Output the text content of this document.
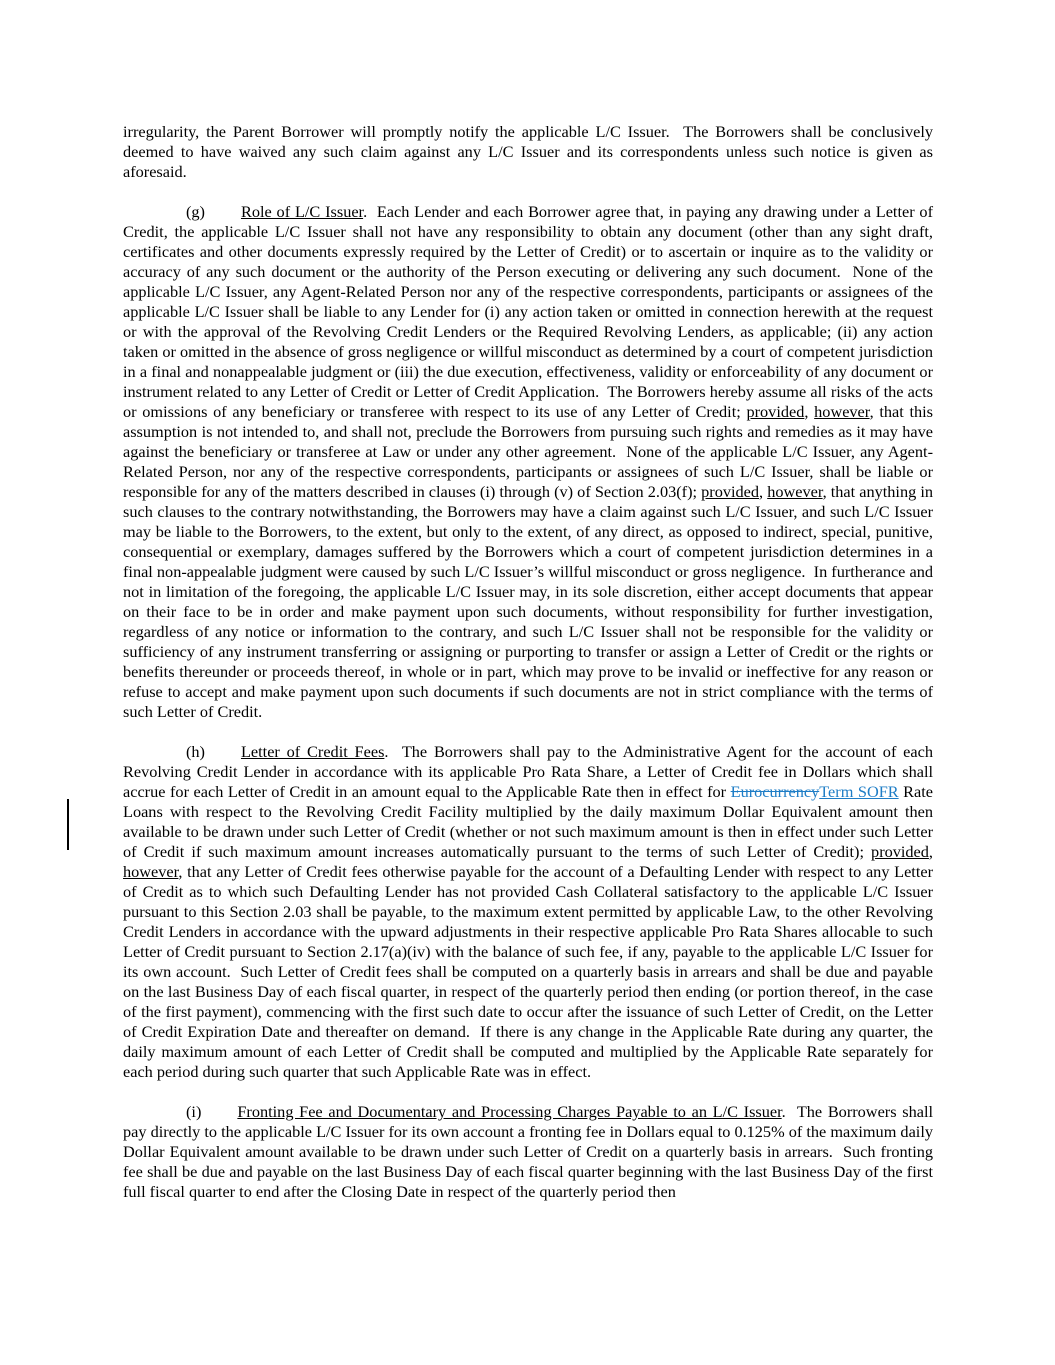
irregularity, the Parent Borrower will promptly notify the applicable L/C Issuer.  The Borrowers shall be conclusively deemed to have waived any such claim against any L/C Issuer and its correspondents unless such notice is given as aforesaid.
(g) Role of L/C Issuer.  Each Lender and each Borrower agree that, in paying any drawing under a Letter of Credit, the applicable L/C Issuer shall not have any responsibility to obtain any document (other than any sight draft, certificates and other documents expressly required by the Letter of Credit) or to ascertain or inquire as to the validity or accuracy of any such document or the authority of the Person executing or delivering any such document.  None of the applicable L/C Issuer, any Agent-Related Person nor any of the respective correspondents, participants or assignees of the applicable L/C Issuer shall be liable to any Lender for (i) any action taken or omitted in connection herewith at the request or with the approval of the Revolving Credit Lenders or the Required Revolving Lenders, as applicable; (ii) any action taken or omitted in the absence of gross negligence or willful misconduct as determined by a court of competent jurisdiction in a final and nonappealable judgment or (iii) the due execution, effectiveness, validity or enforceability of any document or instrument related to any Letter of Credit or Letter of Credit Application.  The Borrowers hereby assume all risks of the acts or omissions of any beneficiary or transferee with respect to its use of any Letter of Credit; provided, however, that this assumption is not intended to, and shall not, preclude the Borrowers from pursuing such rights and remedies as it may have against the beneficiary or transferee at Law or under any other agreement.  None of the applicable L/C Issuer, any Agent-Related Person, nor any of the respective correspondents, participants or assignees of such L/C Issuer, shall be liable or responsible for any of the matters described in clauses (i) through (v) of Section 2.03(f); provided, however, that anything in such clauses to the contrary notwithstanding, the Borrowers may have a claim against such L/C Issuer, and such L/C Issuer may be liable to the Borrowers, to the extent, but only to the extent, of any direct, as opposed to indirect, special, punitive, consequential or exemplary, damages suffered by the Borrowers which a court of competent jurisdiction determines in a final non-appealable judgment were caused by such L/C Issuer’s willful misconduct or gross negligence.  In furtherance and not in limitation of the foregoing, the applicable L/C Issuer may, in its sole discretion, either accept documents that appear on their face to be in order and make payment upon such documents, without responsibility for further investigation, regardless of any notice or information to the contrary, and such L/C Issuer shall not be responsible for the validity or sufficiency of any instrument transferring or assigning or purporting to transfer or assign a Letter of Credit or the rights or benefits thereunder or proceeds thereof, in whole or in part, which may prove to be invalid or ineffective for any reason or refuse to accept and make payment upon such documents if such documents are not in strict compliance with the terms of such Letter of Credit.
(h) Letter of Credit Fees.  The Borrowers shall pay to the Administrative Agent for the account of each Revolving Credit Lender in accordance with its applicable Pro Rata Share, a Letter of Credit fee in Dollars which shall accrue for each Letter of Credit in an amount equal to the Applicable Rate then in effect for EurocurrencyTerm SOFR Rate Loans with respect to the Revolving Credit Facility multiplied by the daily maximum Dollar Equivalent amount then available to be drawn under such Letter of Credit (whether or not such maximum amount is then in effect under such Letter of Credit if such maximum amount increases automatically pursuant to the terms of such Letter of Credit); provided, however, that any Letter of Credit fees otherwise payable for the account of a Defaulting Lender with respect to any Letter of Credit as to which such Defaulting Lender has not provided Cash Collateral satisfactory to the applicable L/C Issuer pursuant to this Section 2.03 shall be payable, to the maximum extent permitted by applicable Law, to the other Revolving Credit Lenders in accordance with the upward adjustments in their respective applicable Pro Rata Shares allocable to such Letter of Credit pursuant to Section 2.17(a)(iv) with the balance of such fee, if any, payable to the applicable L/C Issuer for its own account.  Such Letter of Credit fees shall be computed on a quarterly basis in arrears and shall be due and payable on the last Business Day of each fiscal quarter, in respect of the quarterly period then ending (or portion thereof, in the case of the first payment), commencing with the first such date to occur after the issuance of such Letter of Credit, on the Letter of Credit Expiration Date and thereafter on demand.  If there is any change in the Applicable Rate during any quarter, the daily maximum amount of each Letter of Credit shall be computed and multiplied by the Applicable Rate separately for each period during such quarter that such Applicable Rate was in effect.
(i) Fronting Fee and Documentary and Processing Charges Payable to an L/C Issuer.  The Borrowers shall pay directly to the applicable L/C Issuer for its own account a fronting fee in Dollars equal to 0.125% of the maximum daily Dollar Equivalent amount available to be drawn under such Letter of Credit on a quarterly basis in arrears.  Such fronting fee shall be due and payable on the last Business Day of each fiscal quarter beginning with the last Business Day of the first full fiscal quarter to end after the Closing Date in respect of the quarterly period then
